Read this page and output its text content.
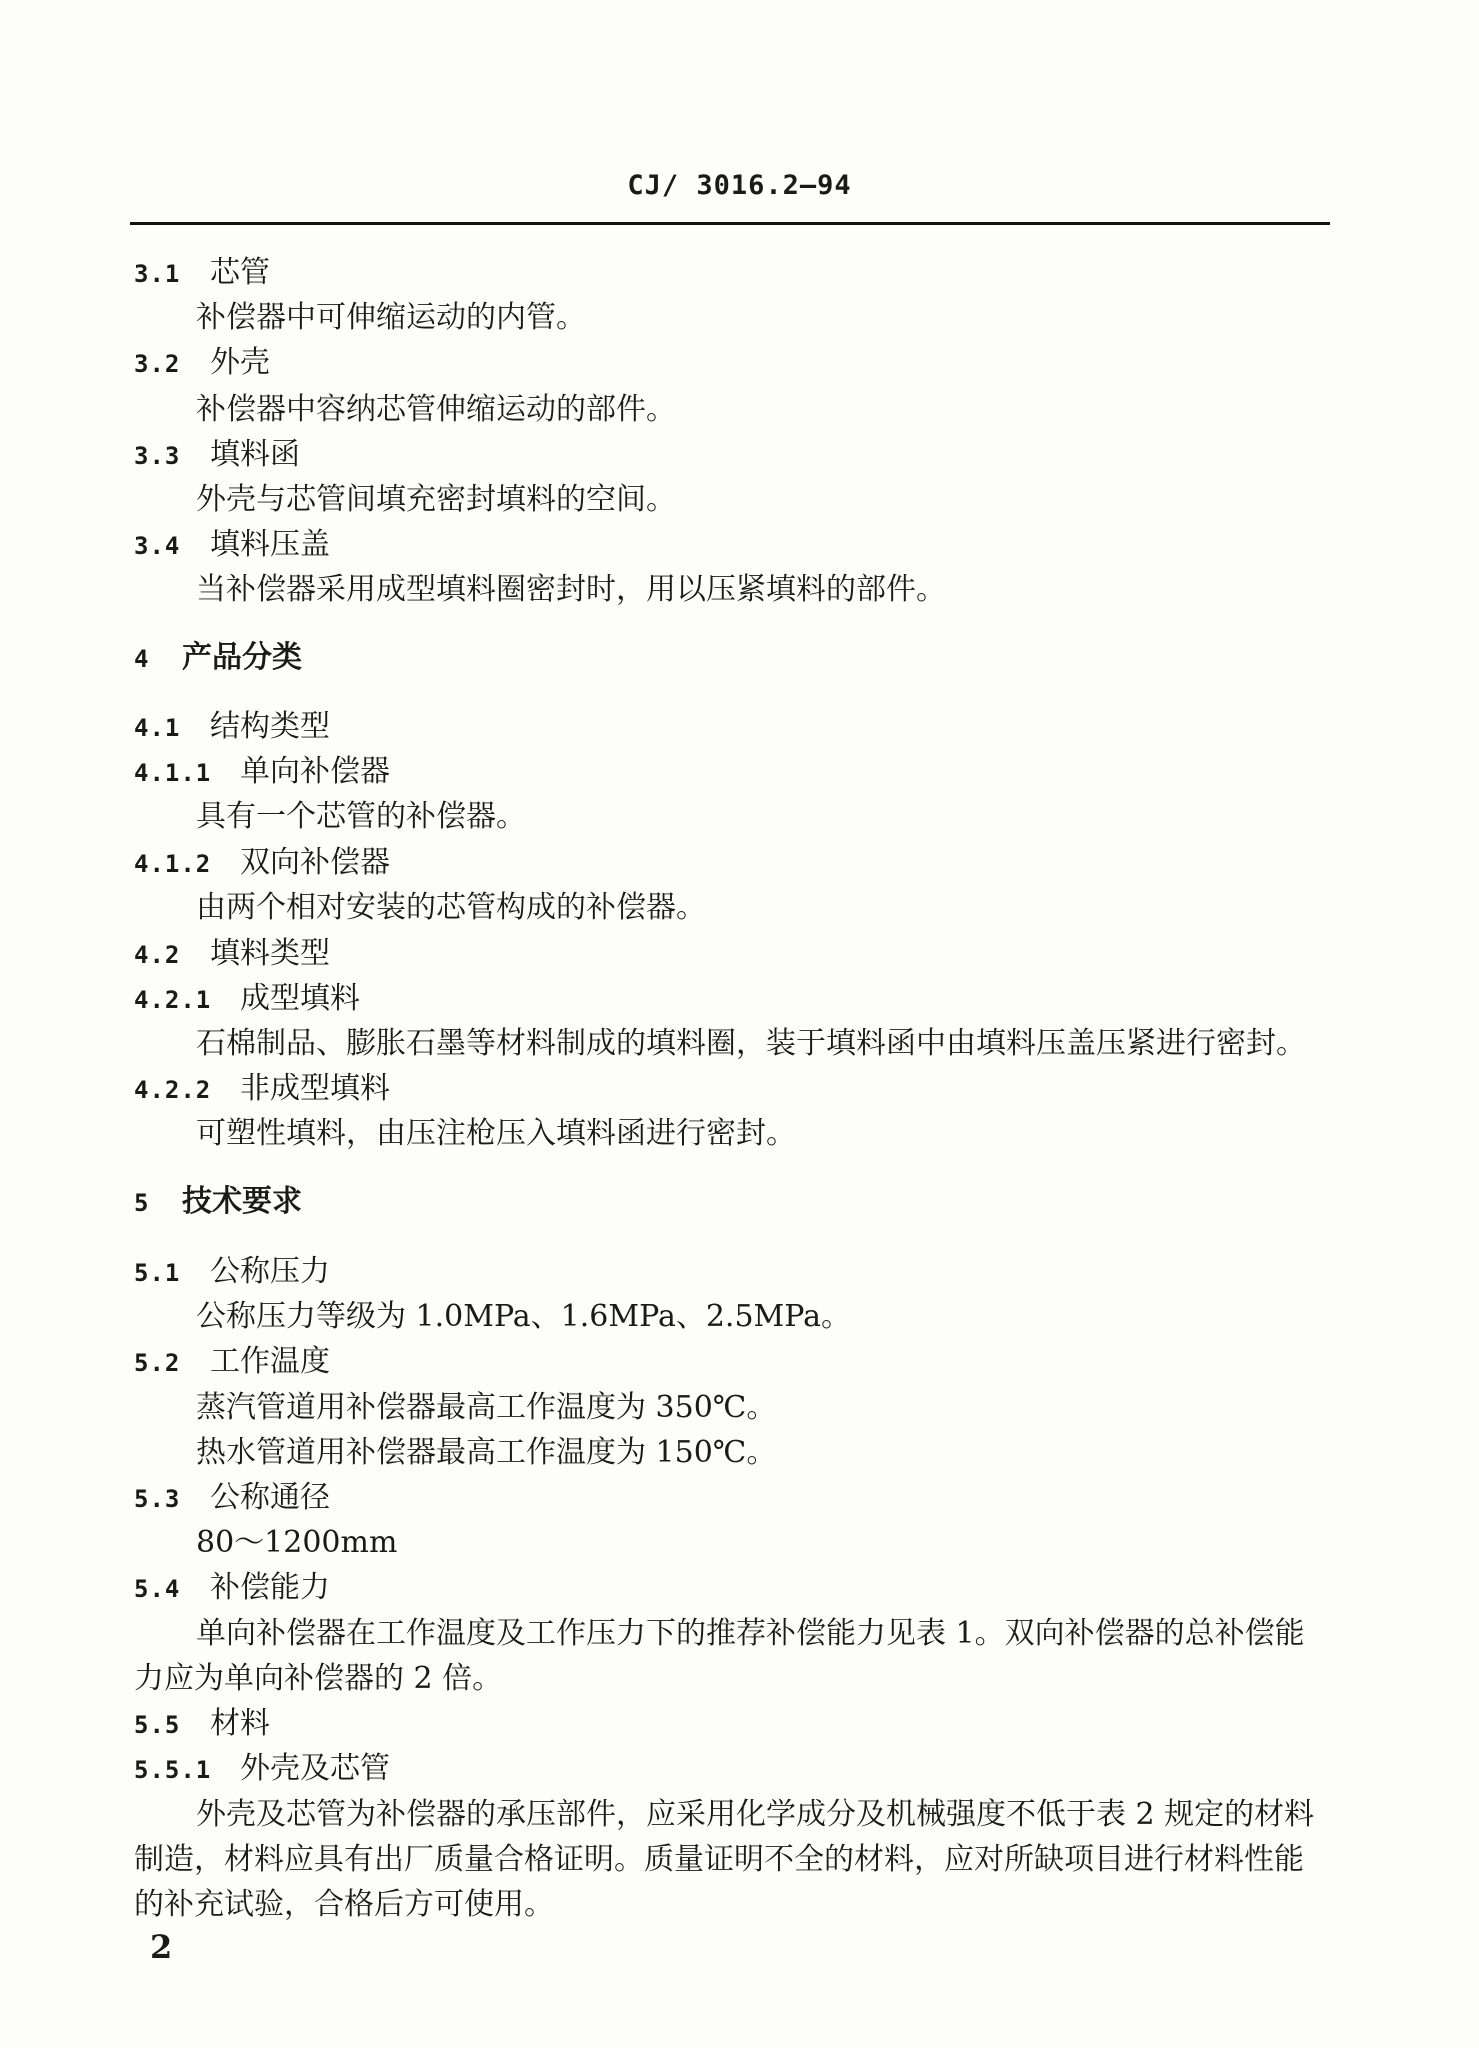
CJ/ 3016.2—94
3.1 芯管
补偿器中可伸缩运动的内管。
3.2 外壳
补偿器中容纳芯管伸缩运动的部件。
3.3 填料函
外壳与芯管间填充密封填料的空间。
3.4 填料压盖
当补偿器采用成型填料圈密封时，用以压紧填料的部件。
4 产品分类
4.1 结构类型
4.1.1 单向补偿器
具有一个芯管的补偿器。
4.1.2 双向补偿器
由两个相对安装的芯管构成的补偿器。
4.2 填料类型
4.2.1 成型填料
石棉制品、膨胀石墨等材料制成的填料圈，装于填料函中由填料压盖压紧进行密封。
4.2.2 非成型填料
可塑性填料，由压注枪压入填料函进行密封。
5 技术要求
5.1 公称压力
公称压力等级为 1.0MPa、1.6MPa、2.5MPa。
5.2 工作温度
蒸汽管道用补偿器最高工作温度为 350℃。
热水管道用补偿器最高工作温度为 150℃。
5.3 公称通径
80～1200mm
5.4 补偿能力
单向补偿器在工作温度及工作压力下的推荐补偿能力见表 1。双向补偿器的总补偿能
力应为单向补偿器的 2 倍。
5.5 材料
5.5.1 外壳及芯管
外壳及芯管为补偿器的承压部件，应采用化学成分及机械强度不低于表 2 规定的材料
制造，材料应具有出厂质量合格证明。质量证明不全的材料，应对所缺项目进行材料性能
的补充试验，合格后方可使用。
2
